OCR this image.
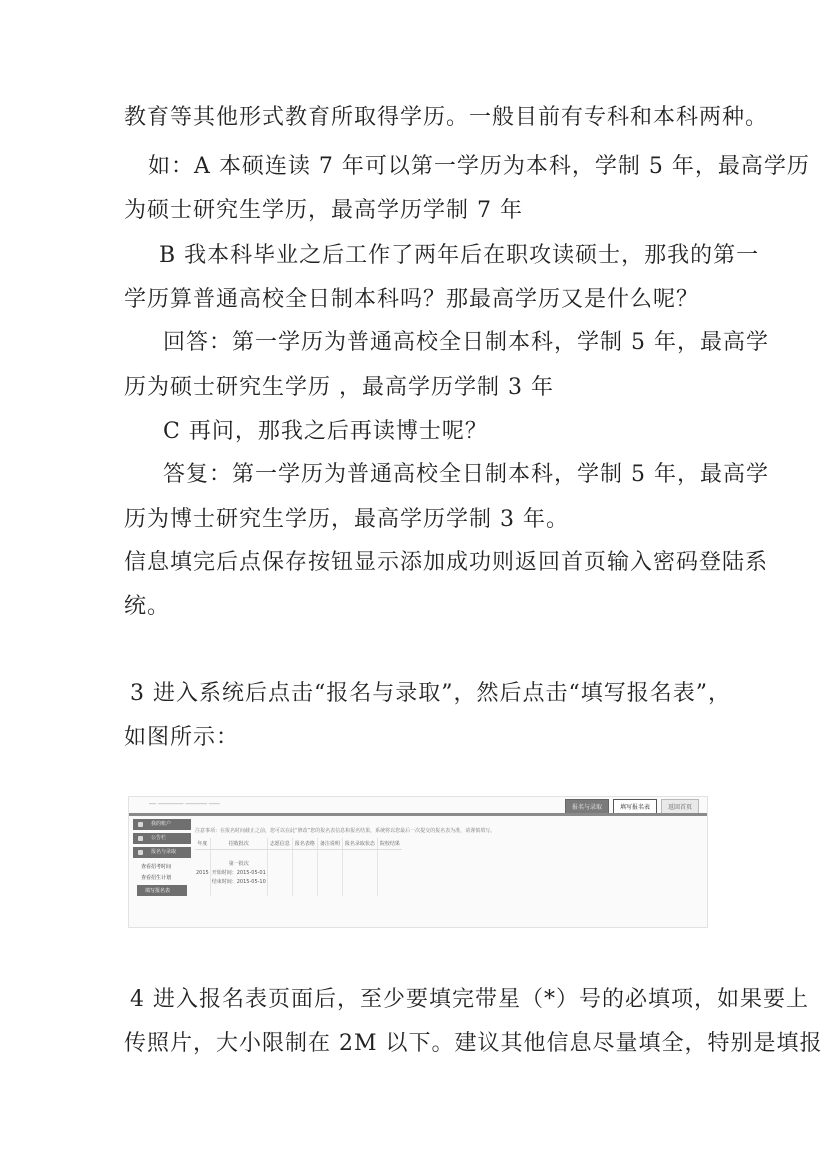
教育等其他形式教育所取得学历。一般目前有专科和本科两种。
如：A 本硕连读 7 年可以第一学历为本科，学制 5 年，最高学历
为硕士研究生学历，最高学历学制 7 年
B 我本科毕业之后工作了两年后在职攻读硕士，那我的第一
学历算普通高校全日制本科吗？那最高学历又是什么呢？
回答：第一学历为普通高校全日制本科，学制 5 年，最高学
历为硕士研究生学历 ，最高学历学制 3 年
C 再问，那我之后再读博士呢？
答复：第一学历为普通高校全日制本科，学制 5 年，最高学
历为博士研究生学历，最高学历学制 3 年。
信息填完后点保存按钮显示添加成功则返回首页输入密码登陆系
统。
3 进入系统后点击“报名与录取”，然后点击“填写报名表”，
如图所示：
── ─────── ────── ───	报名与录取	填写报名表	返回首页
我的账户
公告栏
报名与录取
查看招考时间
查看招生计划
填写报名表
注意事项：在报名时间截止之前，您可以在此“修改”您的报名表信息和报名结果，系统将以您最后一次提交的报名表为准，请谨慎填写。
年度	招收批次	志愿信息	报名表格	备注说明	报名录取状态	院校结果
2015	第一批次
开始时间：2015-05-01
结束时间：2015-05-10					

4 进入报名表页面后，至少要填完带星（*）号的必填项，如果要上
传照片，大小限制在 2M 以下。建议其他信息尽量填全，特别是填报
